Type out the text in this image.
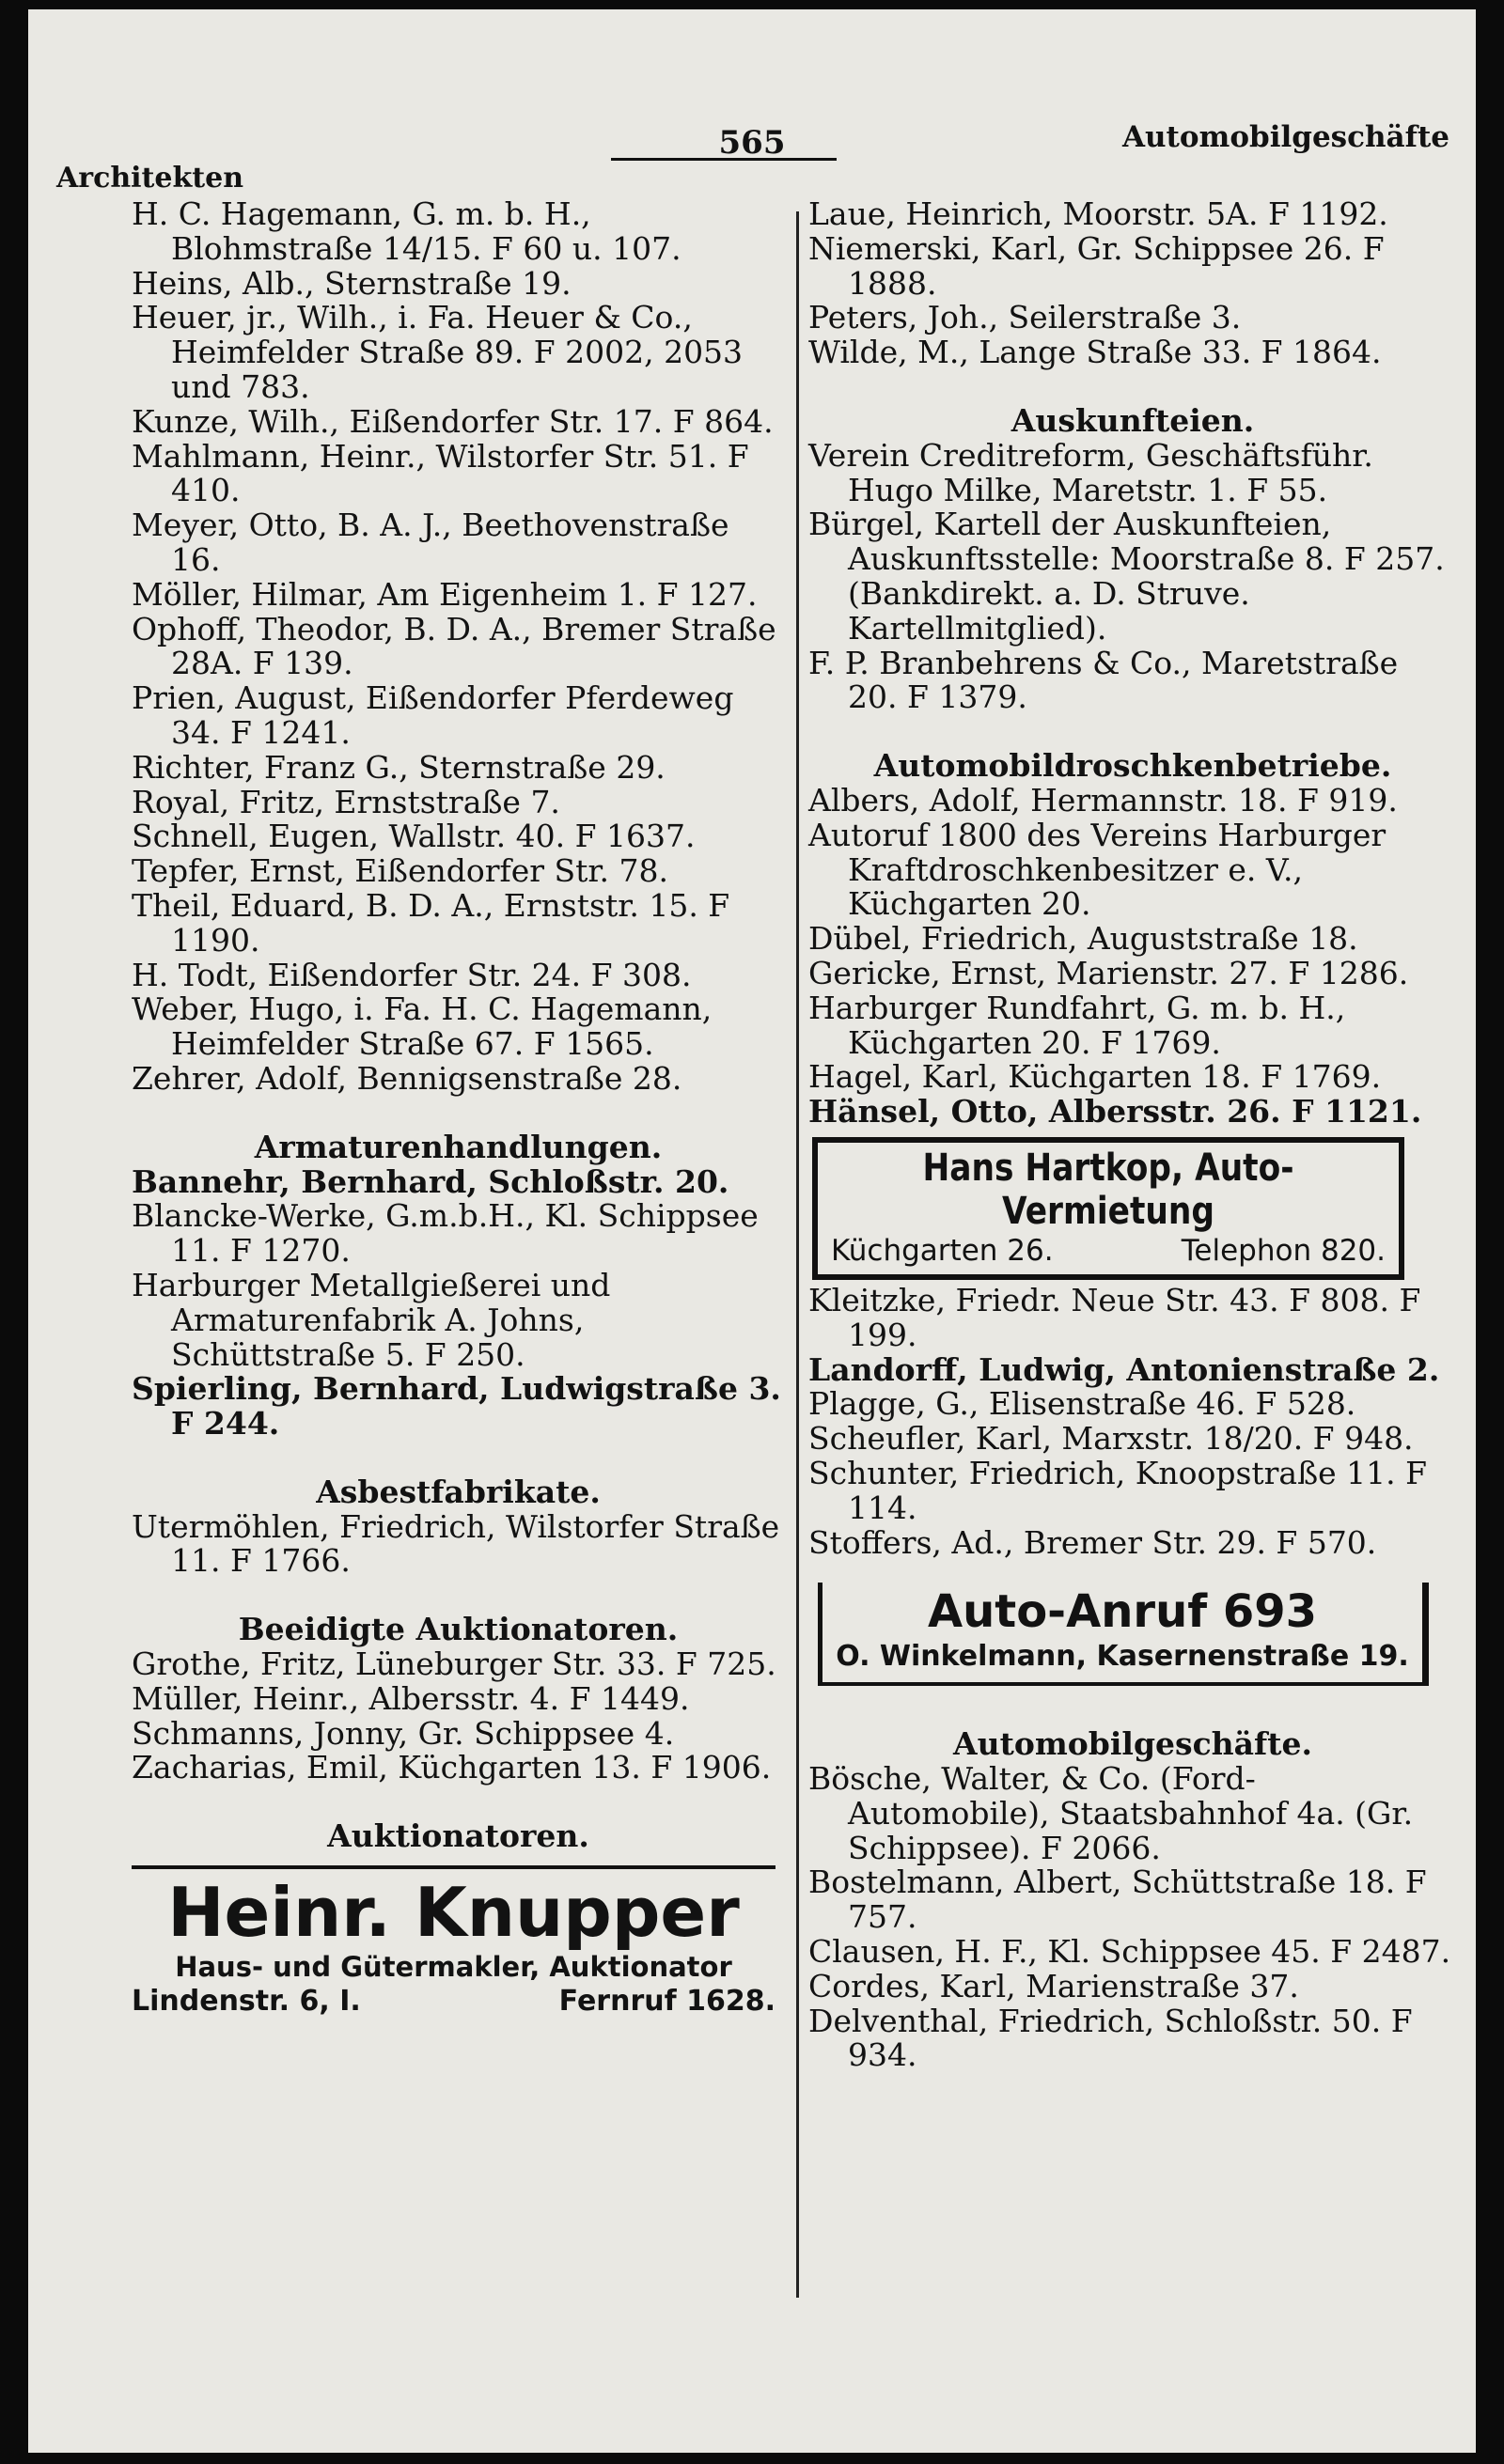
Architekten
565	Automobilgeschäfte
H. C. Hagemann, G. m. b. H., Blohmstraße 14/15. F 60 u. 107.
Heins, Alb., Sternstraße 19.
Heuer, jr., Wilh., i. Fa. Heuer & Co., Heimfelder Straße 89. F 2002, 2053 und 783.
Kunze, Wilh., Eißendorfer Str. 17. F 864.
Mahlmann, Heinr., Wilstorfer Str. 51. F 410.
Meyer, Otto, B. A. J., Beethovenstraße 16.
Möller, Hilmar, Am Eigenheim 1. F 127.
Ophoff, Theodor, B. D. A., Bremer Straße 28A. F 139.
Prien, August, Eißendorfer Pferdeweg 34. F 1241.
Richter, Franz G., Sternstraße 29.
Royal, Fritz, Ernststraße 7.
Schnell, Eugen, Wallstr. 40. F 1637.
Tepfer, Ernst, Eißendorfer Str. 78.
Theil, Eduard, B. D. A., Ernststr. 15. F 1190.
H. Todt, Eißendorfer Str. 24. F 308.
Weber, Hugo, i. Fa. H. C. Hagemann, Heimfelder Straße 67. F 1565.
Zehrer, Adolf, Bennigsenstraße 28.
Armaturenhandlungen.
Bannehr, Bernhard, Schloßstr. 20.
Blancke-Werke, G.m.b.H., Kl. Schippsee 11. F 1270.
Harburger Metallgießerei und Armaturenfabrik A. Johns, Schüttstraße 5. F 250.
Spierling, Bernhard, Ludwigstraße 3. F 244.
Asbestfabrikate.
Utermöhlen, Friedrich, Wilstorfer Straße 11. F 1766.
Beeidigte Auktionatoren.
Grothe, Fritz, Lüneburger Str. 33. F 725.
Müller, Heinr., Albersstr. 4. F 1449.
Schmanns, Jonny, Gr. Schippsee 4.
Zacharias, Emil, Küchgarten 13. F 1906.
Auktionatoren.
Heinr. Knupper
Haus- und Gütermakler, Auktionator
Lindenstr. 6, I.	Fernruf 1628.
Laue, Heinrich, Moorstr. 5A. F 1192.
Niemerski, Karl, Gr. Schippsee 26. F 1888.
Peters, Joh., Seilerstraße 3.
Wilde, M., Lange Straße 33. F 1864.
Auskunfteien.
Verein Creditreform, Geschäftsführ. Hugo Milke, Maretstr. 1. F 55.
Bürgel, Kartell der Auskunfteien, Auskunftsstelle: Moorstraße 8. F 257. (Bankdirekt. a. D. Struve. Kartellmitglied).
F. P. Branbehrens & Co., Maretstraße 20. F 1379.
Automobildroschkenbetriebe.
Albers, Adolf, Hermannstr. 18. F 919.
Autoruf 1800 des Vereins Harburger Kraftdroschkenbesitzer e. V., Küchgarten 20.
Dübel, Friedrich, Auguststraße 18.
Gericke, Ernst, Marienstr. 27. F 1286.
Harburger Rundfahrt, G. m. b. H., Küchgarten 20. F 1769.
Hagel, Karl, Küchgarten 18. F 1769.
Hänsel, Otto, Albersstr. 26. F 1121.
Hans Hartkop, Auto-Vermietung
Küchgarten 26.	Telephon 820.
Kleitzke, Friedr. Neue Str. 43. F 808. F 199.
Landorff, Ludwig, Antonienstraße 2.
Plagge, G., Elisenstraße 46. F 528.
Scheufler, Karl, Marxstr. 18/20. F 948.
Schunter, Friedrich, Knoopstraße 11. F 114.
Stoffers, Ad., Bremer Str. 29. F 570.
Auto-Anruf 693
O. Winkelmann, Kasernenstraße 19.
Automobilgeschäfte.
Bösche, Walter, & Co. (Ford-Automobile), Staatsbahnhof 4a. (Gr. Schippsee). F 2066.
Bostelmann, Albert, Schüttstraße 18. F 757.
Clausen, H. F., Kl. Schippsee 45. F 2487.
Cordes, Karl, Marienstraße 37.
Delventhal, Friedrich, Schloßstr. 50. F 934.
